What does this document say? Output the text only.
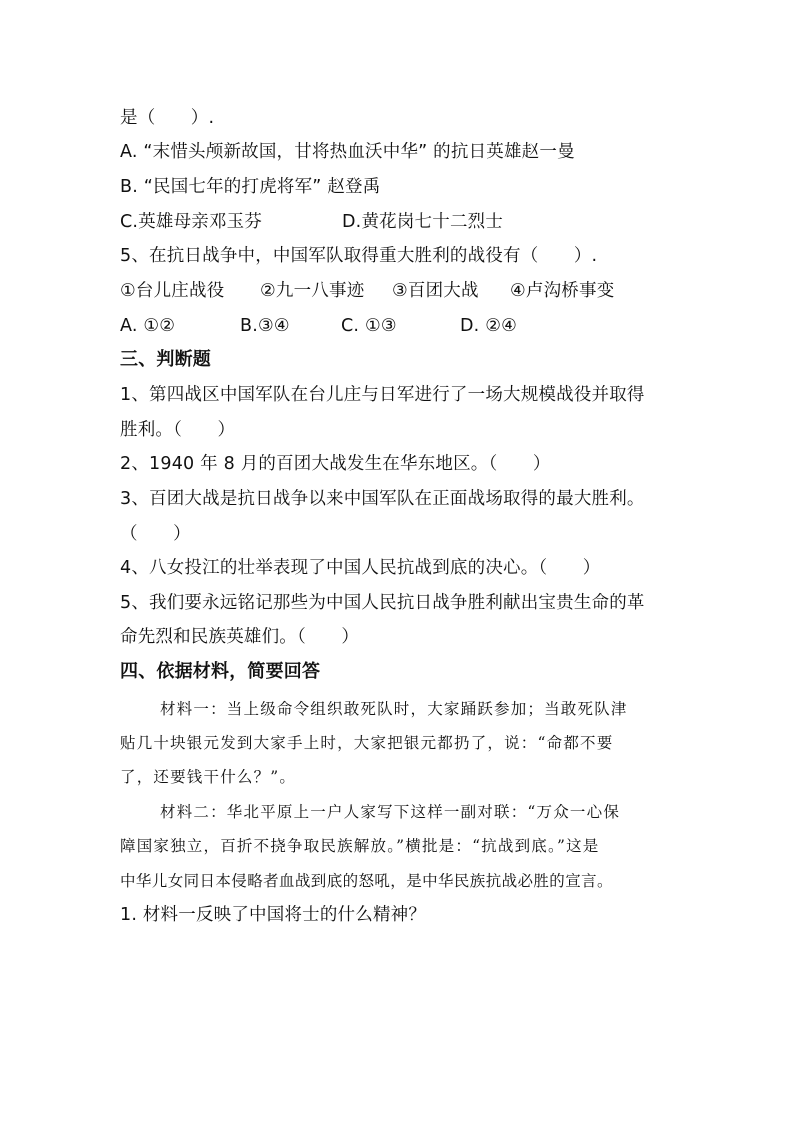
是（　　）.
A. “末惜头颅新故国，甘将热血沃中华” 的抗日英雄赵一曼
B. “民国七年的打虎将军” 赵登禹
C.英雄母亲邓玉芬	D.黄花岗七十二烈士
5、在抗日战争中，中国军队取得重大胜利的战役有（　　）.
①台儿庄战役 ②九一八事迹 ③百团大战 ④卢沟桥事变
A. ①②	B.③④	C. ①③	D. ②④
三、判断题
1、第四战区中国军队在台儿庄与日军进行了一场大规模战役并取得
胜利。（　　）
2、1940 年 8 月的百团大战发生在华东地区。（　　）
3、百团大战是抗日战争以来中国军队在正面战场取得的最大胜利。
（　　）
4、八女投江的壮举表现了中国人民抗战到底的决心。（　　）
5、我们要永远铭记那些为中国人民抗日战争胜利献出宝贵生命的革
命先烈和民族英雄们。（　　）
四、依据材料，简要回答
材料一：当上级命令组织敢死队时，大家踊跃参加；当敢死队津
贴几十块银元发到大家手上时，大家把银元都扔了，说：“命都不要
了，还要钱干什么？”。
材料二：华北平原上一户人家写下这样一副对联：“万众一心保
障国家独立，百折不挠争取民族解放。”横批是：“抗战到底。”这是
中华儿女同日本侵略者血战到底的怒吼，是中华民族抗战必胜的宣言。
1. 材料一反映了中国将士的什么精神？
